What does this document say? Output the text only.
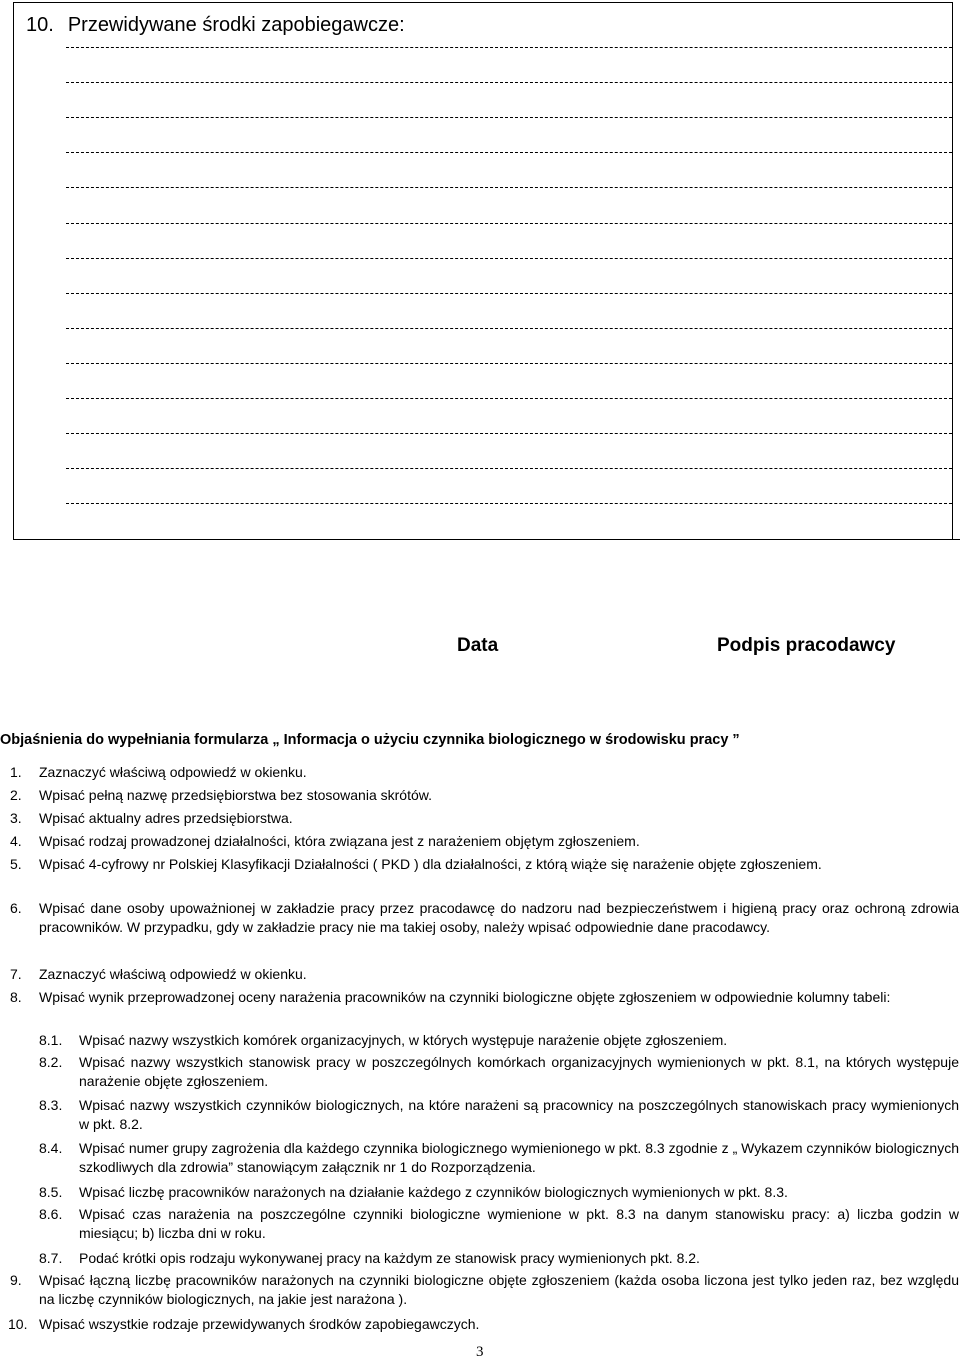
10. Przewidywane środki zapobiegawcze:
Data	Podpis pracodawcy
Objaśnienia do wypełniania formularza „ Informacja o użyciu czynnika biologicznego w środowisku pracy ”
1.	Zaznaczyć właściwą odpowiedź w okienku.
2.	Wpisać pełną nazwę przedsiębiorstwa bez stosowania skrótów.
3.	Wpisać aktualny adres przedsiębiorstwa.
4.	Wpisać rodzaj prowadzonej działalności, która związana jest z narażeniem objętym zgłoszeniem.
5.	Wpisać 4-cyfrowy nr Polskiej Klasyfikacji Działalności ( PKD ) dla działalności, z którą wiąże się narażenie objęte zgłoszeniem.
6.	Wpisać dane osoby upoważnionej w zakładzie pracy przez pracodawcę do nadzoru nad bezpieczeństwem i higieną pracy oraz ochroną zdrowia pracowników. W przypadku, gdy w zakładzie pracy nie ma takiej osoby, należy wpisać odpowiednie dane pracodawcy.
7.	Zaznaczyć właściwą odpowiedź w okienku.
8.	Wpisać wynik przeprowadzonej oceny narażenia pracowników na czynniki biologiczne objęte zgłoszeniem w odpowiednie kolumny tabeli:
8.1.	Wpisać nazwy wszystkich komórek organizacyjnych, w których występuje narażenie objęte zgłoszeniem.
8.2.	Wpisać nazwy wszystkich stanowisk pracy w poszczególnych komórkach organizacyjnych wymienionych w pkt. 8.1, na których występuje narażenie objęte zgłoszeniem.
8.3.	Wpisać nazwy wszystkich czynników biologicznych, na które narażeni są pracownicy na poszczególnych stanowiskach pracy wymienionych w pkt. 8.2.
8.4.	Wpisać numer grupy zagrożenia dla każdego czynnika biologicznego wymienionego w pkt. 8.3 zgodnie z „ Wykazem czynników biologicznych szkodliwych dla zdrowia” stanowiącym załącznik nr 1 do Rozporządzenia.
8.5.	Wpisać liczbę pracowników narażonych na działanie każdego z czynników biologicznych wymienionych w pkt. 8.3.
8.6.	Wpisać czas narażenia na poszczególne czynniki biologiczne wymienione w pkt. 8.3 na danym stanowisku pracy: a) liczba godzin w miesiącu; b) liczba dni w roku.
8.7.	Podać krótki opis rodzaju wykonywanej pracy na każdym ze stanowisk pracy wymienionych pkt. 8.2.
9.	Wpisać łączną liczbę pracowników narażonych na czynniki biologiczne objęte zgłoszeniem (każda osoba liczona jest tylko jeden raz, bez względu na liczbę czynników biologicznych, na jakie jest narażona ).
10. Wpisać wszystkie rodzaje przewidywanych środków zapobiegawczych.
3
